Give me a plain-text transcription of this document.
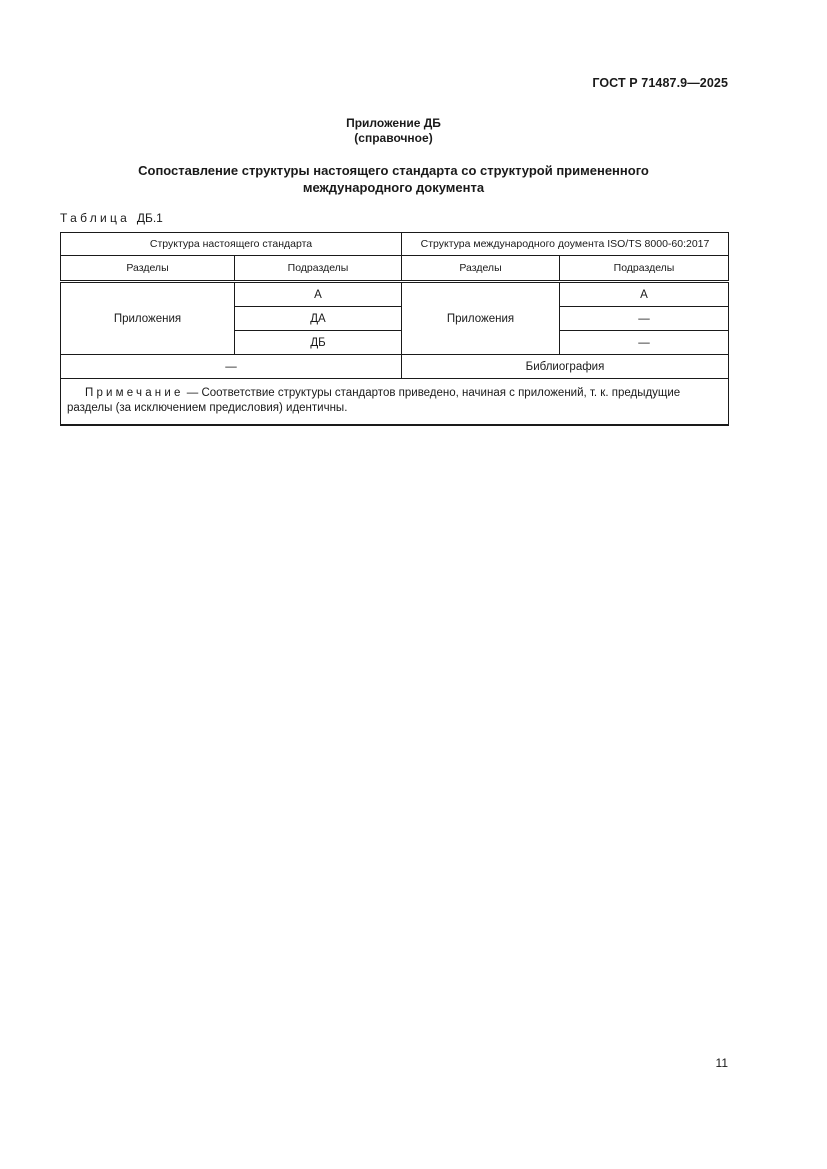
ГОСТ Р 71487.9—2025
Приложение ДБ
(справочное)
Сопоставление структуры настоящего стандарта со структурой примененного
международного документа
Таблица ДБ.1
Структура настоящего стандарта		Структура международного доумента ISO/TS 8000-60:2017	
Разделы	Подразделы	Разделы	Подразделы
Приложения	А	Приложения	А
	ДА		—
	ДБ		—
—		Библиография	
Примечание — Соответствие структуры стандартов приведено, начиная с приложений, т. к. предыдущие разделы (за исключением предисловия) идентичны.			
11
